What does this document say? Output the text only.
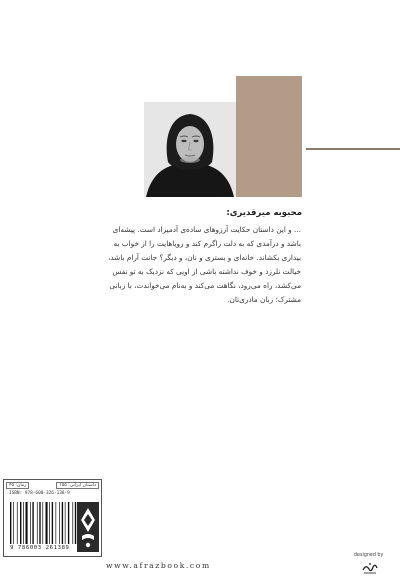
محبوبه میرقدیری:
... و این داستان حکایت آرزوهای ساده‌ی آدمیزاد است. پیشه‌ای
باشد و درآمدی که به دلت راگرم کند و رویاهایت را از خواب به
بیداری بکشاند. خانه‌ای و بستری و نان، و دیگر؟ جانت آرام باشد،
خیالت نلرزد و خوف نداشته باشی از اویی که نزدیک به تو نفس
می‌کشد، راه می‌رود، نگاهت می‌کند و به‌نام می‌خواندت، با زبانی
مشترک؛ زبان مادری‌تان.
داستان ایرانی: ۱۵۵
رمان: ۴۵
ISBN: 978-600-326-138-9
9 786003 261389
www.afrazbook.com
designed by
